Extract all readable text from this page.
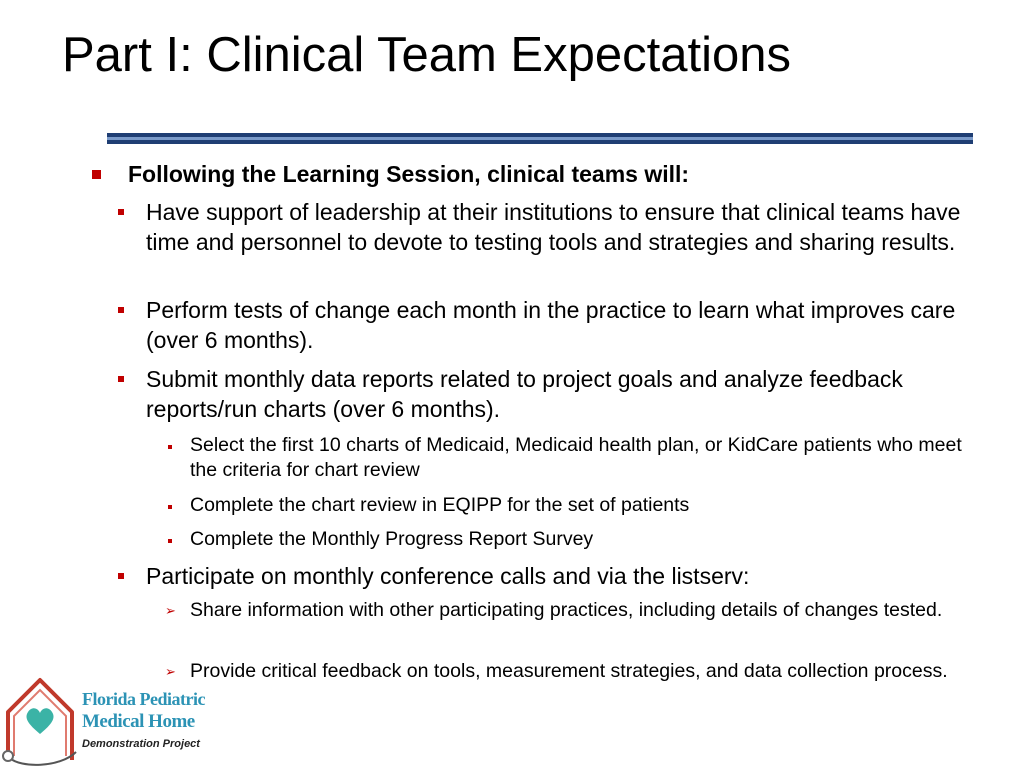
Part I: Clinical Team Expectations

Following the Learning Session, clinical teams will:

Have support of leadership at their institutions to ensure that clinical teams have time and personnel to devote to testing tools and strategies and sharing results.

Perform tests of change each month in the practice to learn what improves care (over 6 months).

Submit monthly data reports related to project goals and analyze feedback reports/run charts (over 6 months).

Select the first 10 charts of Medicaid, Medicaid health plan, or KidCare patients who meet the criteria for chart review

Complete the chart review in EQIPP for the set of patients

Complete the Monthly Progress Report Survey

Participate on monthly conference calls and via the listserv:

➢ Share information with other participating practices, including details of changes tested.

➢ Provide critical feedback on tools, measurement strategies, and data collection process.

Florida Pediatric
Medical Home
Demonstration Project
